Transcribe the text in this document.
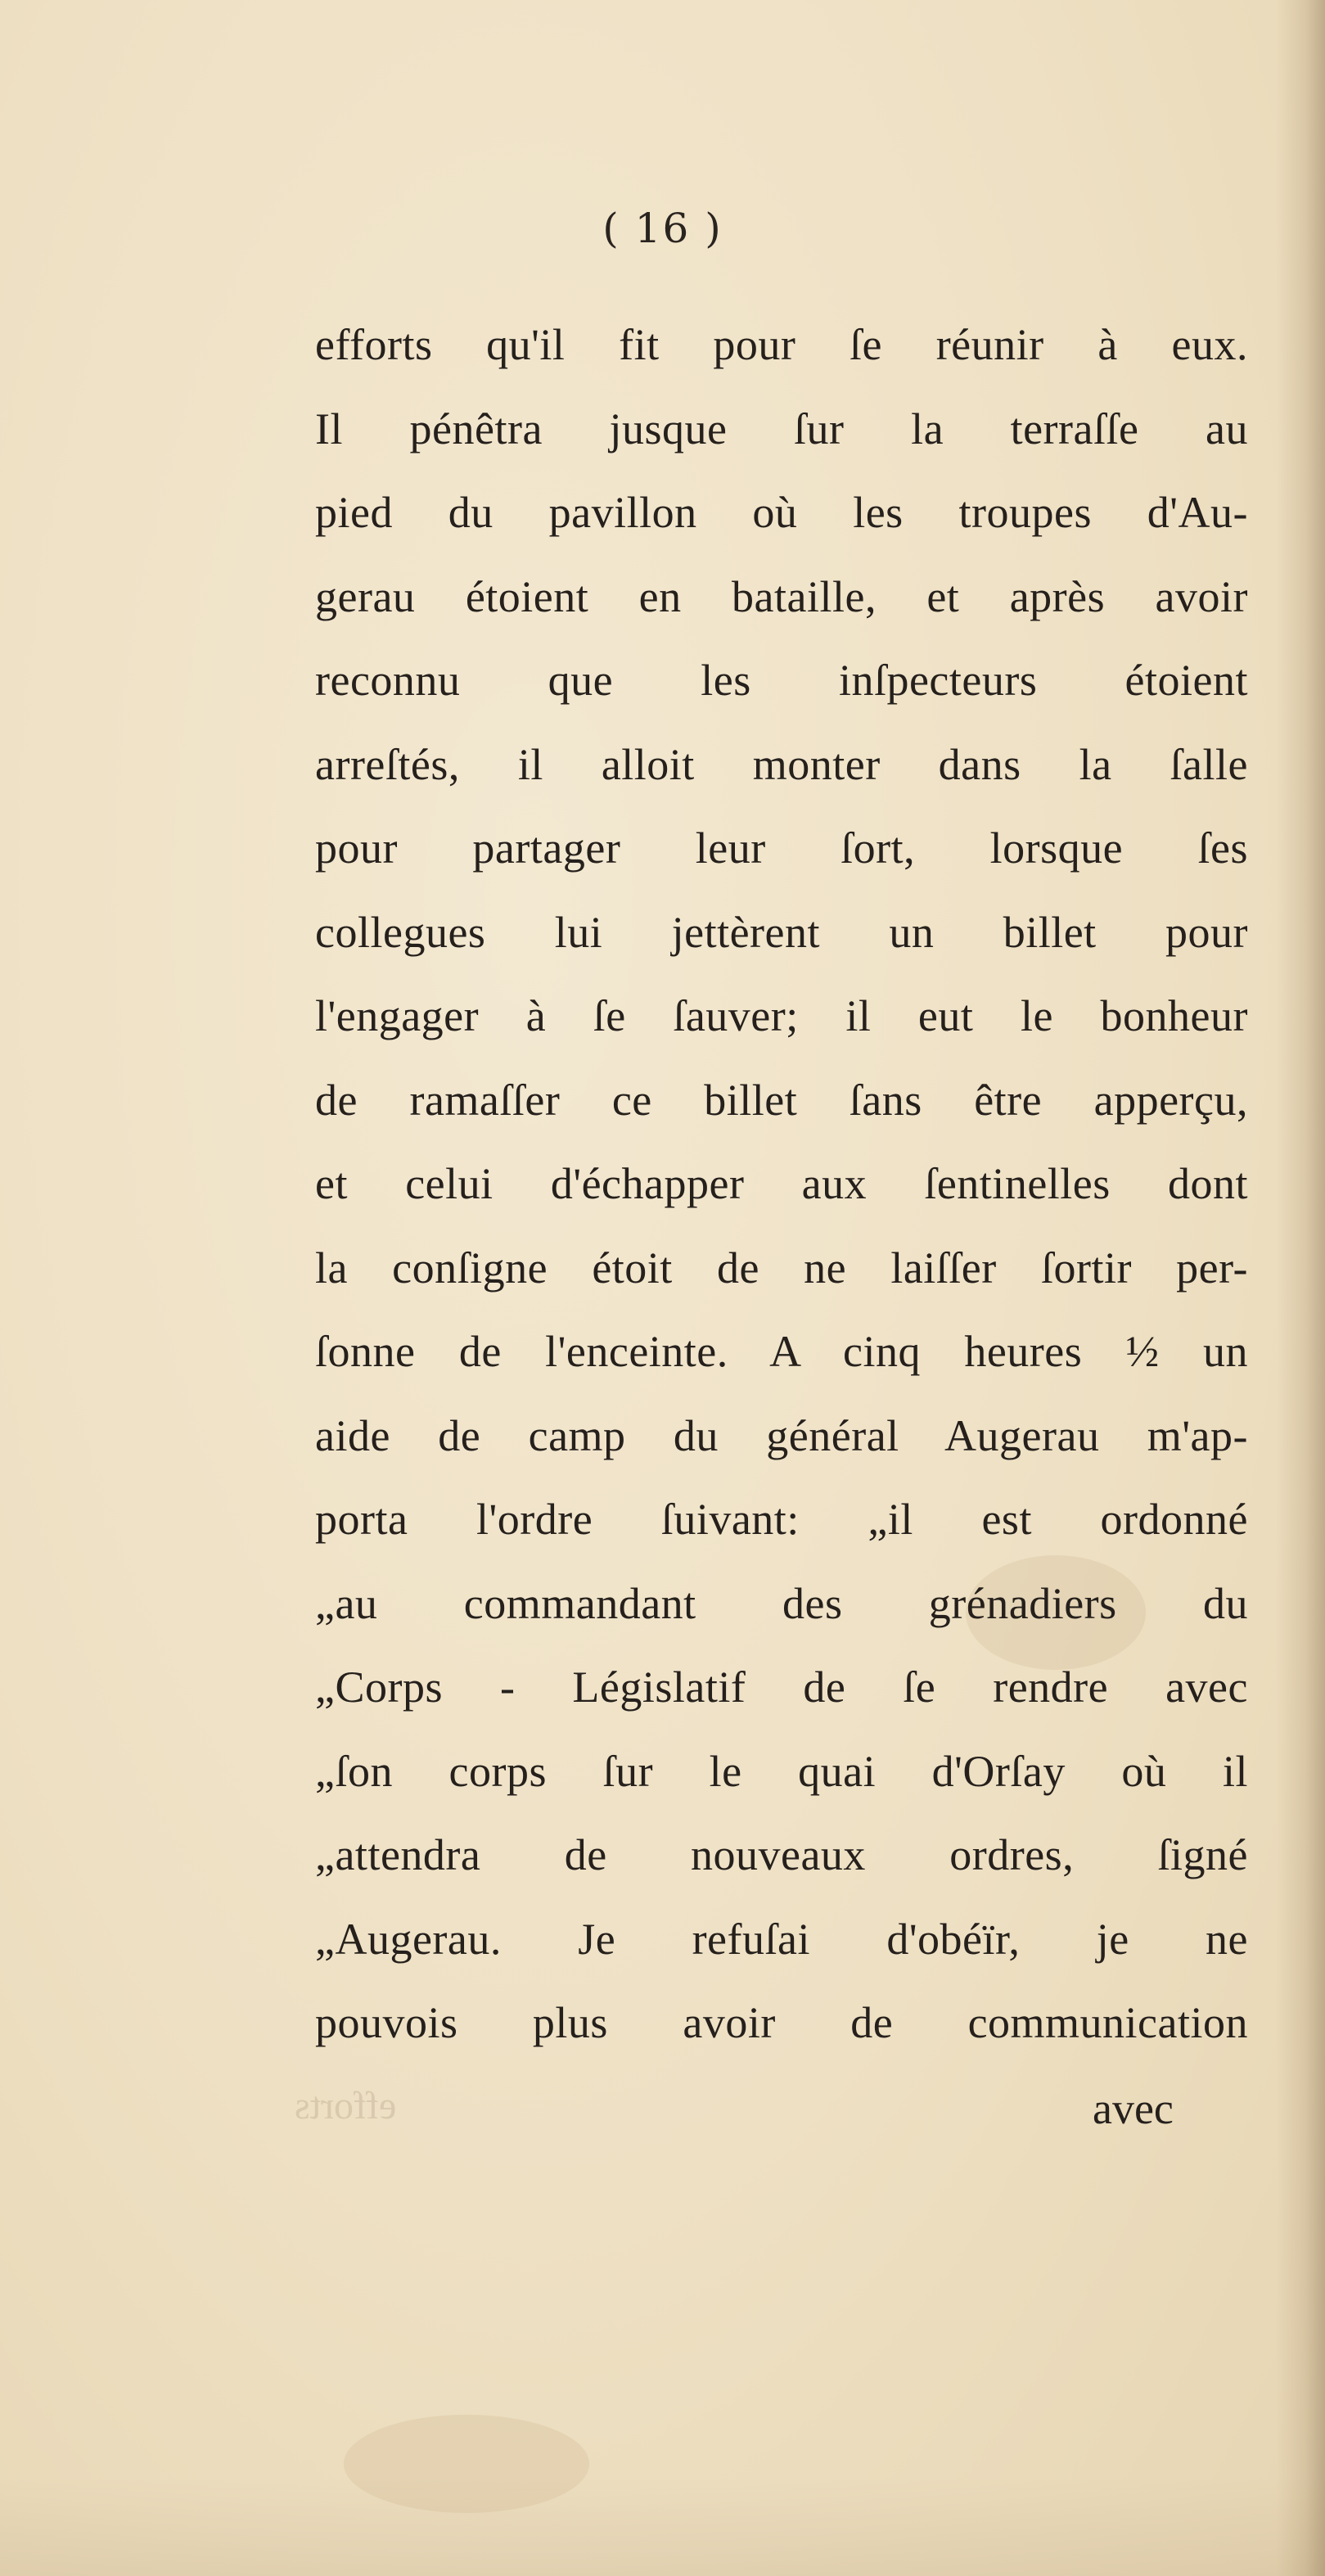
( 16 )
efforts qu'il fit pour ſe réunir à eux.
Il pénêtra jusque ſur la terraſſe au
pied du pavillon où les troupes d'Au-
gerau étoient en bataille, et après avoir
reconnu que les inſpecteurs étoient
arreſtés, il alloit monter dans la ſalle
pour partager leur ſort, lorsque ſes
collegues lui jettèrent un billet pour
l'engager à ſe ſauver; il eut le bonheur
de ramaſſer ce billet ſans être apperçu,
et celui d'échapper aux ſentinelles dont
la conſigne étoit de ne laiſſer ſortir per-
ſonne de l'enceinte. A cinq heures ½ un
aide de camp du général Augerau m'ap-
porta l'ordre ſuivant: „il est ordonné
„au commandant des grénadiers du
„Corps - Législatif de ſe rendre avec
„ſon corps ſur le quai d'Orſay où il
„attendra de nouveaux ordres, ſigné
„Augerau. Je refuſai d'obéïr, je ne
pouvois plus avoir de communication
efforts	avec
